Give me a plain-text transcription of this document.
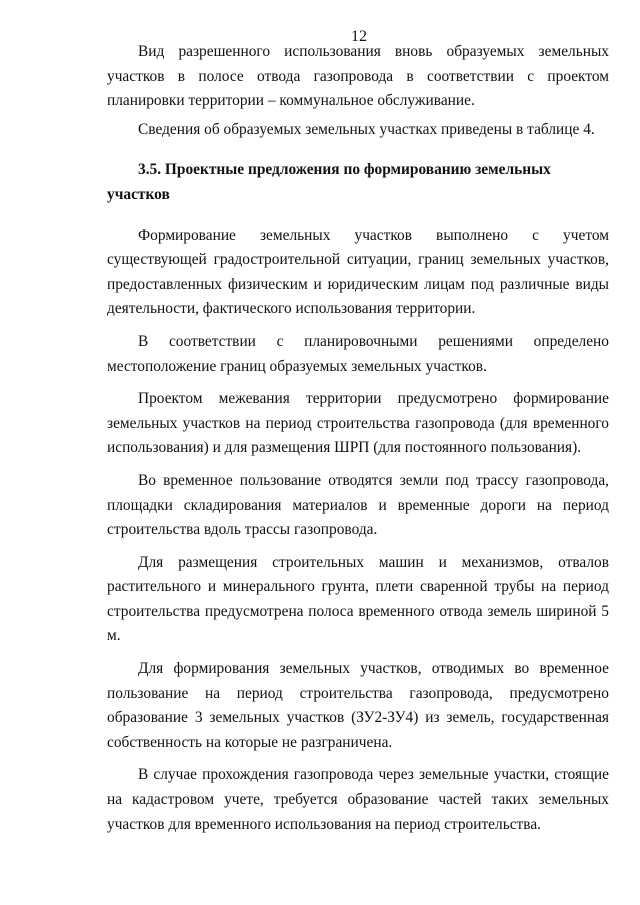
12

Вид разрешенного использования вновь образуемых земельных участков в полосе отвода газопровода в соответствии с проектом планировки территории – коммунальное обслуживание.

Сведения об образуемых земельных участках приведены в таблице 4.

3.5. Проектные предложения по формированию земельных участков

Формирование земельных участков выполнено с учетом существующей градостроительной ситуации, границ земельных участков, предоставленных физическим и юридическим лицам под различные виды деятельности, фактического использования территории.

В соответствии с планировочными решениями определено местоположение границ образуемых земельных участков.

Проектом межевания территории предусмотрено формирование земельных участков на период строительства газопровода (для временного использования) и для размещения ШРП (для постоянного пользования).

Во временное пользование отводятся земли под трассу газопровода, площадки складирования материалов и временные дороги на период строительства вдоль трассы газопровода.

Для размещения строительных машин и механизмов, отвалов растительного и минерального грунта, плети сваренной трубы на период строительства предусмотрена полоса временного отвода земель шириной 5 м.

Для формирования земельных участков, отводимых во временное пользование на период строительства газопровода, предусмотрено образование 3 земельных участков (ЗУ2-ЗУ4) из земель, государственная собственность на которые не разграничена.

В случае прохождения газопровода через земельные участки, стоящие на кадастровом учете, требуется образование частей таких земельных участков для временного использования на период строительства.
